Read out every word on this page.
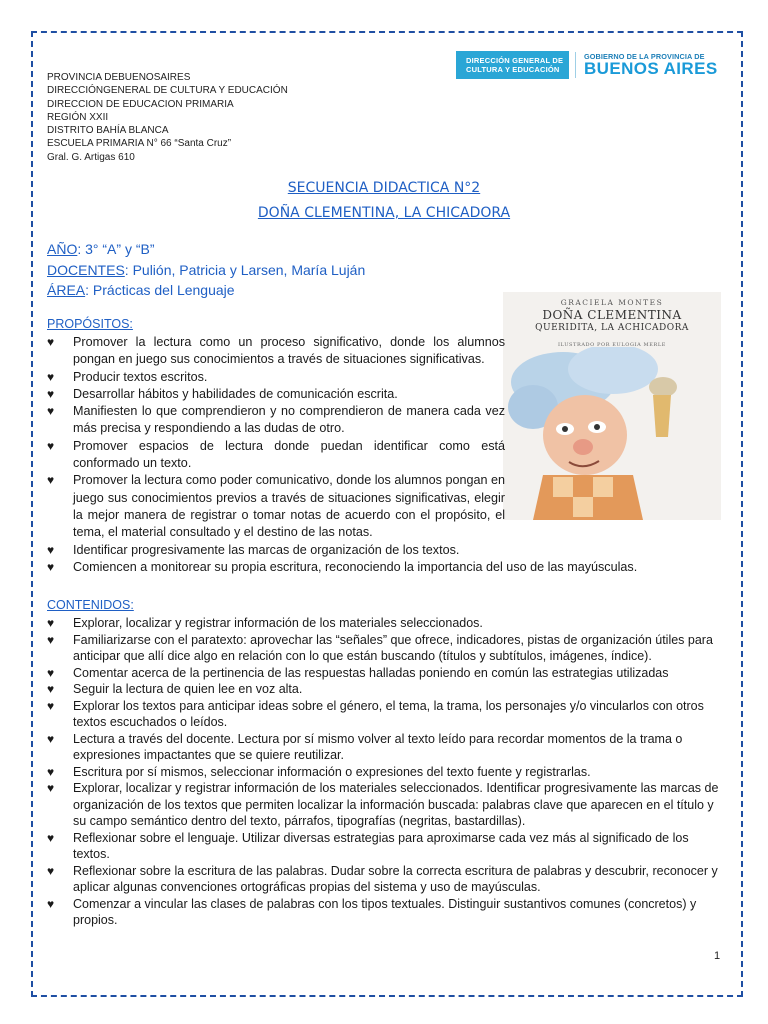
PROVINCIA DEBUENOSAIRES
DIRECCIÓNGENERAL DE CULTURA Y EDUCACIÓN
DIRECCION DE EDUCACION PRIMARIA
REGIÓN XXII
DISTRITO BAHÍA BLANCA
ESCUELA PRIMARIA N° 66 “Santa Cruz”
Gral. G. Artigas 610
DIRECCIÓN GENERAL DE
CULTURA Y EDUCACIÓN
GOBIERNO DE LA PROVINCIA DE
BUENOS AIRES
SECUENCIA DIDACTICA N°2
DOÑA CLEMENTINA, LA CHICADORA
AÑO: 3° “A” y “B”
DOCENTES: Pulión, Patricia y Larsen, María Luján
ÁREA: Prácticas del Lenguaje
GRACIELA MONTES
DOÑA CLEMENTINA
QUERIDITA, LA ACHICADORA
ILUSTRADO POR EULOGIA MERLE
PROPÓSITOS:
♥ Promover la lectura como un proceso significativo, donde los alumnos pongan en juego sus conocimientos a través de situaciones significativas.
♥ Producir textos escritos.
♥ Desarrollar hábitos y habilidades de comunicación escrita.
♥ Manifiesten lo que comprendieron y no comprendieron de manera cada vez más precisa y respondiendo a las dudas de otro.
♥ Promover espacios de lectura donde puedan identificar como está conformado un texto.
♥ Promover la lectura como poder comunicativo, donde los alumnos pongan en juego sus conocimientos previos a través de situaciones significativas, elegir la mejor manera de registrar o tomar notas de acuerdo con el propósito, el tema, el material consultado y el destino de las notas.
♥ Identificar progresivamente las marcas de organización de los textos.
♥ Comiencen a monitorear su propia escritura, reconociendo la importancia del uso de las mayúsculas.
CONTENIDOS:
♥ Explorar, localizar y registrar información de los materiales seleccionados.
♥ Familiarizarse con el paratexto: aprovechar las “señales” que ofrece, indicadores, pistas de organización útiles para anticipar que allí dice algo en relación con lo que están buscando (títulos y subtítulos, imágenes, índice).
♥ Comentar acerca de la pertinencia de las respuestas halladas poniendo en común las estrategias utilizadas
♥ Seguir la lectura de quien lee en voz alta.
♥ Explorar los textos para anticipar ideas sobre el género, el tema, la trama, los personajes y/o vincularlos con otros textos escuchados o leídos.
♥ Lectura a través del docente. Lectura por sí mismo volver al texto leído para recordar momentos de la trama o expresiones impactantes que se quiere reutilizar.
♥ Escritura por sí mismos, seleccionar información o expresiones del texto fuente y registrarlas.
♥ Explorar, localizar y registrar información de los materiales seleccionados. Identificar progresivamente las marcas de organización de los textos que permiten localizar la información buscada: palabras clave que aparecen en el título y su campo semántico dentro del texto, párrafos, tipografías (negritas, bastardillas).
♥ Reflexionar sobre el lenguaje. Utilizar diversas estrategias para aproximarse cada vez más al significado de los textos.
♥ Reflexionar sobre la escritura de las palabras. Dudar sobre la correcta escritura de palabras y descubrir, reconocer y aplicar algunas convenciones ortográficas propias del sistema y uso de mayúsculas.
♥ Comenzar a vincular las clases de palabras con los tipos textuales. Distinguir sustantivos comunes (concretos) y propios.
1
